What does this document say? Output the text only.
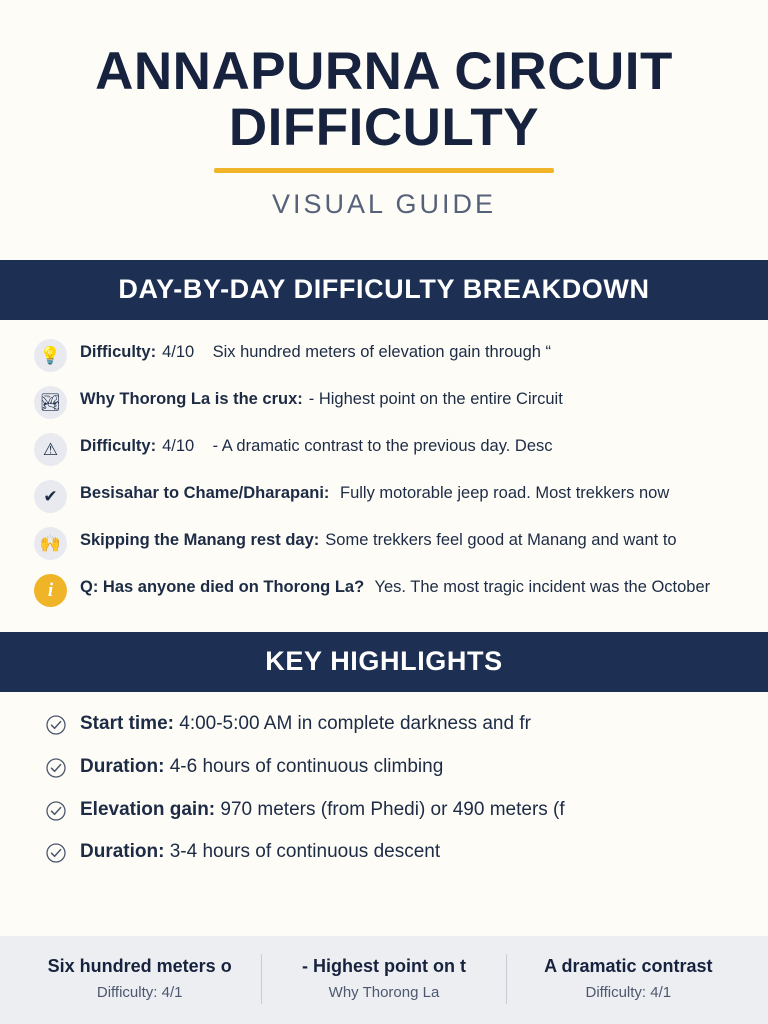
ANNAPURNA CIRCUIT
DIFFICULTY
VISUAL GUIDE
DAY-BY-DAY DIFFICULTY BREAKDOWN
💡	Difficulty: 4/10 Six hundred meters of elevation gain through “
🏞	Why Thorong La is the crux: - Highest point on the entire Circuit
⚠	Difficulty: 4/10 - A dramatic contrast to the previous day. Desc
✔	Besisahar to Chame/Dharapani: Fully motorable jeep road. Most trekkers now
🙌	Skipping the Manang rest day: Some trekkers feel good at Manang and want to
i	Q: Has anyone died on Thorong La? Yes. The most tragic incident was the October
KEY HIGHLIGHTS
Start time: 4:00-5:00 AM in complete darkness and fr
Duration: 4-6 hours of continuous climbing
Elevation gain: 970 meters (from Phedi) or 490 meters (f
Duration: 3-4 hours of continuous descent
Six hundred meters o
Difficulty: 4/1
- Highest point on t
Why Thorong La
A dramatic contrast
Difficulty: 4/1
